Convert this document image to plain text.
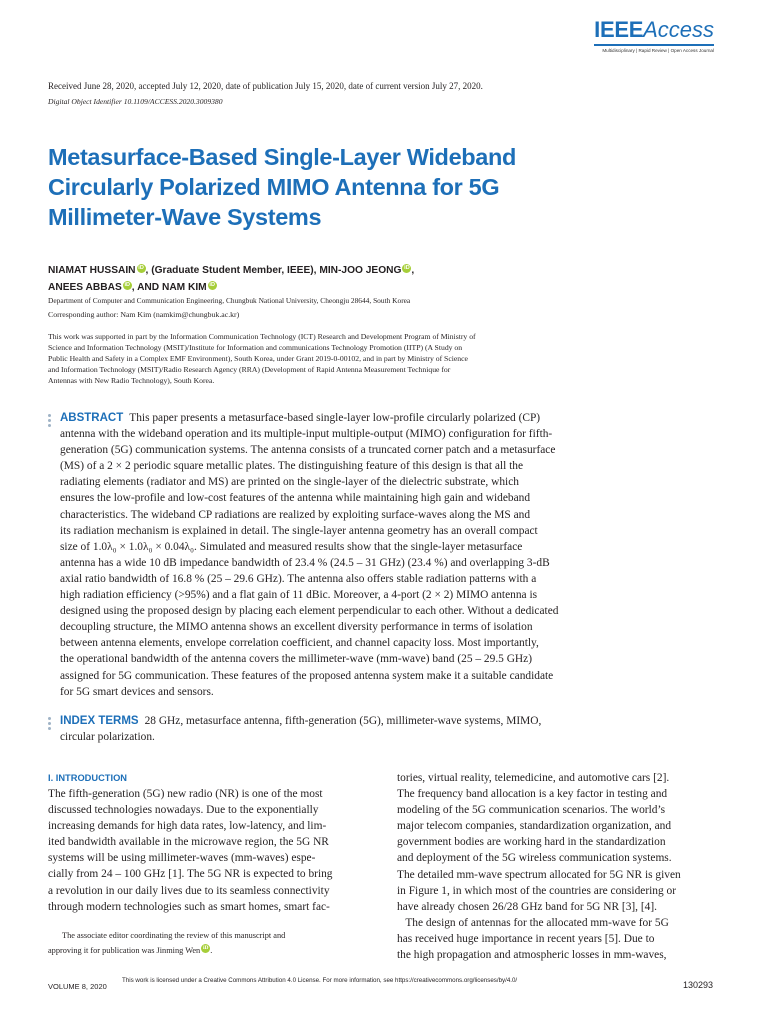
IEEEAccess
Multidisciplinary | Rapid Review | Open Access Journal
Received June 28, 2020, accepted July 12, 2020, date of publication July 15, 2020, date of current version July 27, 2020.
Digital Object Identifier 10.1109/ACCESS.2020.3009380
Metasurface-Based Single-Layer Wideband
Circularly Polarized MIMO Antenna for 5G
Millimeter-Wave Systems
NIAMAT HUSSAIN iD , (Graduate Student Member, IEEE), MIN-JOO JEONG iD ,
ANEES ABBAS iD , AND NAM KIM iD
Department of Computer and Communication Engineering, Chungbuk National University, Cheongju 28644, South Korea
Corresponding author: Nam Kim (namkim@chungbuk.ac.kr)
This work was supported in part by the Information Communication Technology (ICT) Research and Development Program of Ministry of
Science and Information Technology (MSIT)/Institute for Information and communications Technology Promotion (IITP) (A Study on
Public Health and Safety in a Complex EMF Environment), South Korea, under Grant 2019-0-00102, and in part by Ministry of Science
and Information Technology (MSIT)/Radio Research Agency (RRA) (Development of Rapid Antenna Measurement Technique for
Antennas with New Radio Technology), South Korea.
ABSTRACT This paper presents a metasurface-based single-layer low-profile circularly polarized (CP)
antenna with the wideband operation and its multiple-input multiple-output (MIMO) configuration for fifth-
generation (5G) communication systems. The antenna consists of a truncated corner patch and a metasurface
(MS) of a 2 × 2 periodic square metallic plates. The distinguishing feature of this design is that all the
radiating elements (radiator and MS) are printed on the single-layer of the dielectric substrate, which
ensures the low-profile and low-cost features of the antenna while maintaining high gain and wideband
characteristics. The wideband CP radiations are realized by exploiting surface-waves along the MS and
its radiation mechanism is explained in detail. The single-layer antenna geometry has an overall compact
size of 1.0λ₀ × 1.0λ₀ × 0.04λ₀. Simulated and measured results show that the single-layer metasurface
antenna has a wide 10 dB impedance bandwidth of 23.4 % (24.5 – 31 GHz) (23.4 %) and overlapping 3-dB
axial ratio bandwidth of 16.8 % (25 – 29.6 GHz). The antenna also offers stable radiation patterns with a
high radiation efficiency (>95%) and a flat gain of 11 dBic. Moreover, a 4-port (2 × 2) MIMO antenna is
designed using the proposed design by placing each element perpendicular to each other. Without a dedicated
decoupling structure, the MIMO antenna shows an excellent diversity performance in terms of isolation
between antenna elements, envelope correlation coefficient, and channel capacity loss. Most importantly,
the operational bandwidth of the antenna covers the millimeter-wave (mm-wave) band (25 – 29.5 GHz)
assigned for 5G communication. These features of the proposed antenna system make it a suitable candidate
for 5G smart devices and sensors.
INDEX TERMS 28 GHz, metasurface antenna, fifth-generation (5G), millimeter-wave systems, MIMO,
circular polarization.
I. INTRODUCTION
The fifth-generation (5G) new radio (NR) is one of the most
discussed technologies nowadays. Due to the exponentially
increasing demands for high data rates, low-latency, and lim-
ited bandwidth available in the microwave region, the 5G NR
systems will be using millimeter-waves (mm-waves) espe-
cially from 24 – 100 GHz [1]. The 5G NR is expected to bring
a revolution in our daily lives due to its seamless connectivity
through modern technologies such as smart homes, smart fac-
tories, virtual reality, telemedicine, and automotive cars [2].
The frequency band allocation is a key factor in testing and
modeling of the 5G communication scenarios. The world’s
major telecom companies, standardization organization, and
government bodies are working hard in the standardization
and deployment of the 5G wireless communication systems.
The detailed mm-wave spectrum allocated for 5G NR is given
in Figure 1, in which most of the countries are considering or
have already chosen 26/28 GHz band for 5G NR [3], [4].
The design of antennas for the allocated mm-wave for 5G
has received huge importance in recent years [5]. Due to
the high propagation and atmospheric losses in mm-waves,
The associate editor coordinating the review of this manuscript and
approving it for publication was Jinming Wen iD .
VOLUME 8, 2020
This work is licensed under a Creative Commons Attribution 4.0 License. For more information, see https://creativecommons.org/licenses/by/4.0/	130293
